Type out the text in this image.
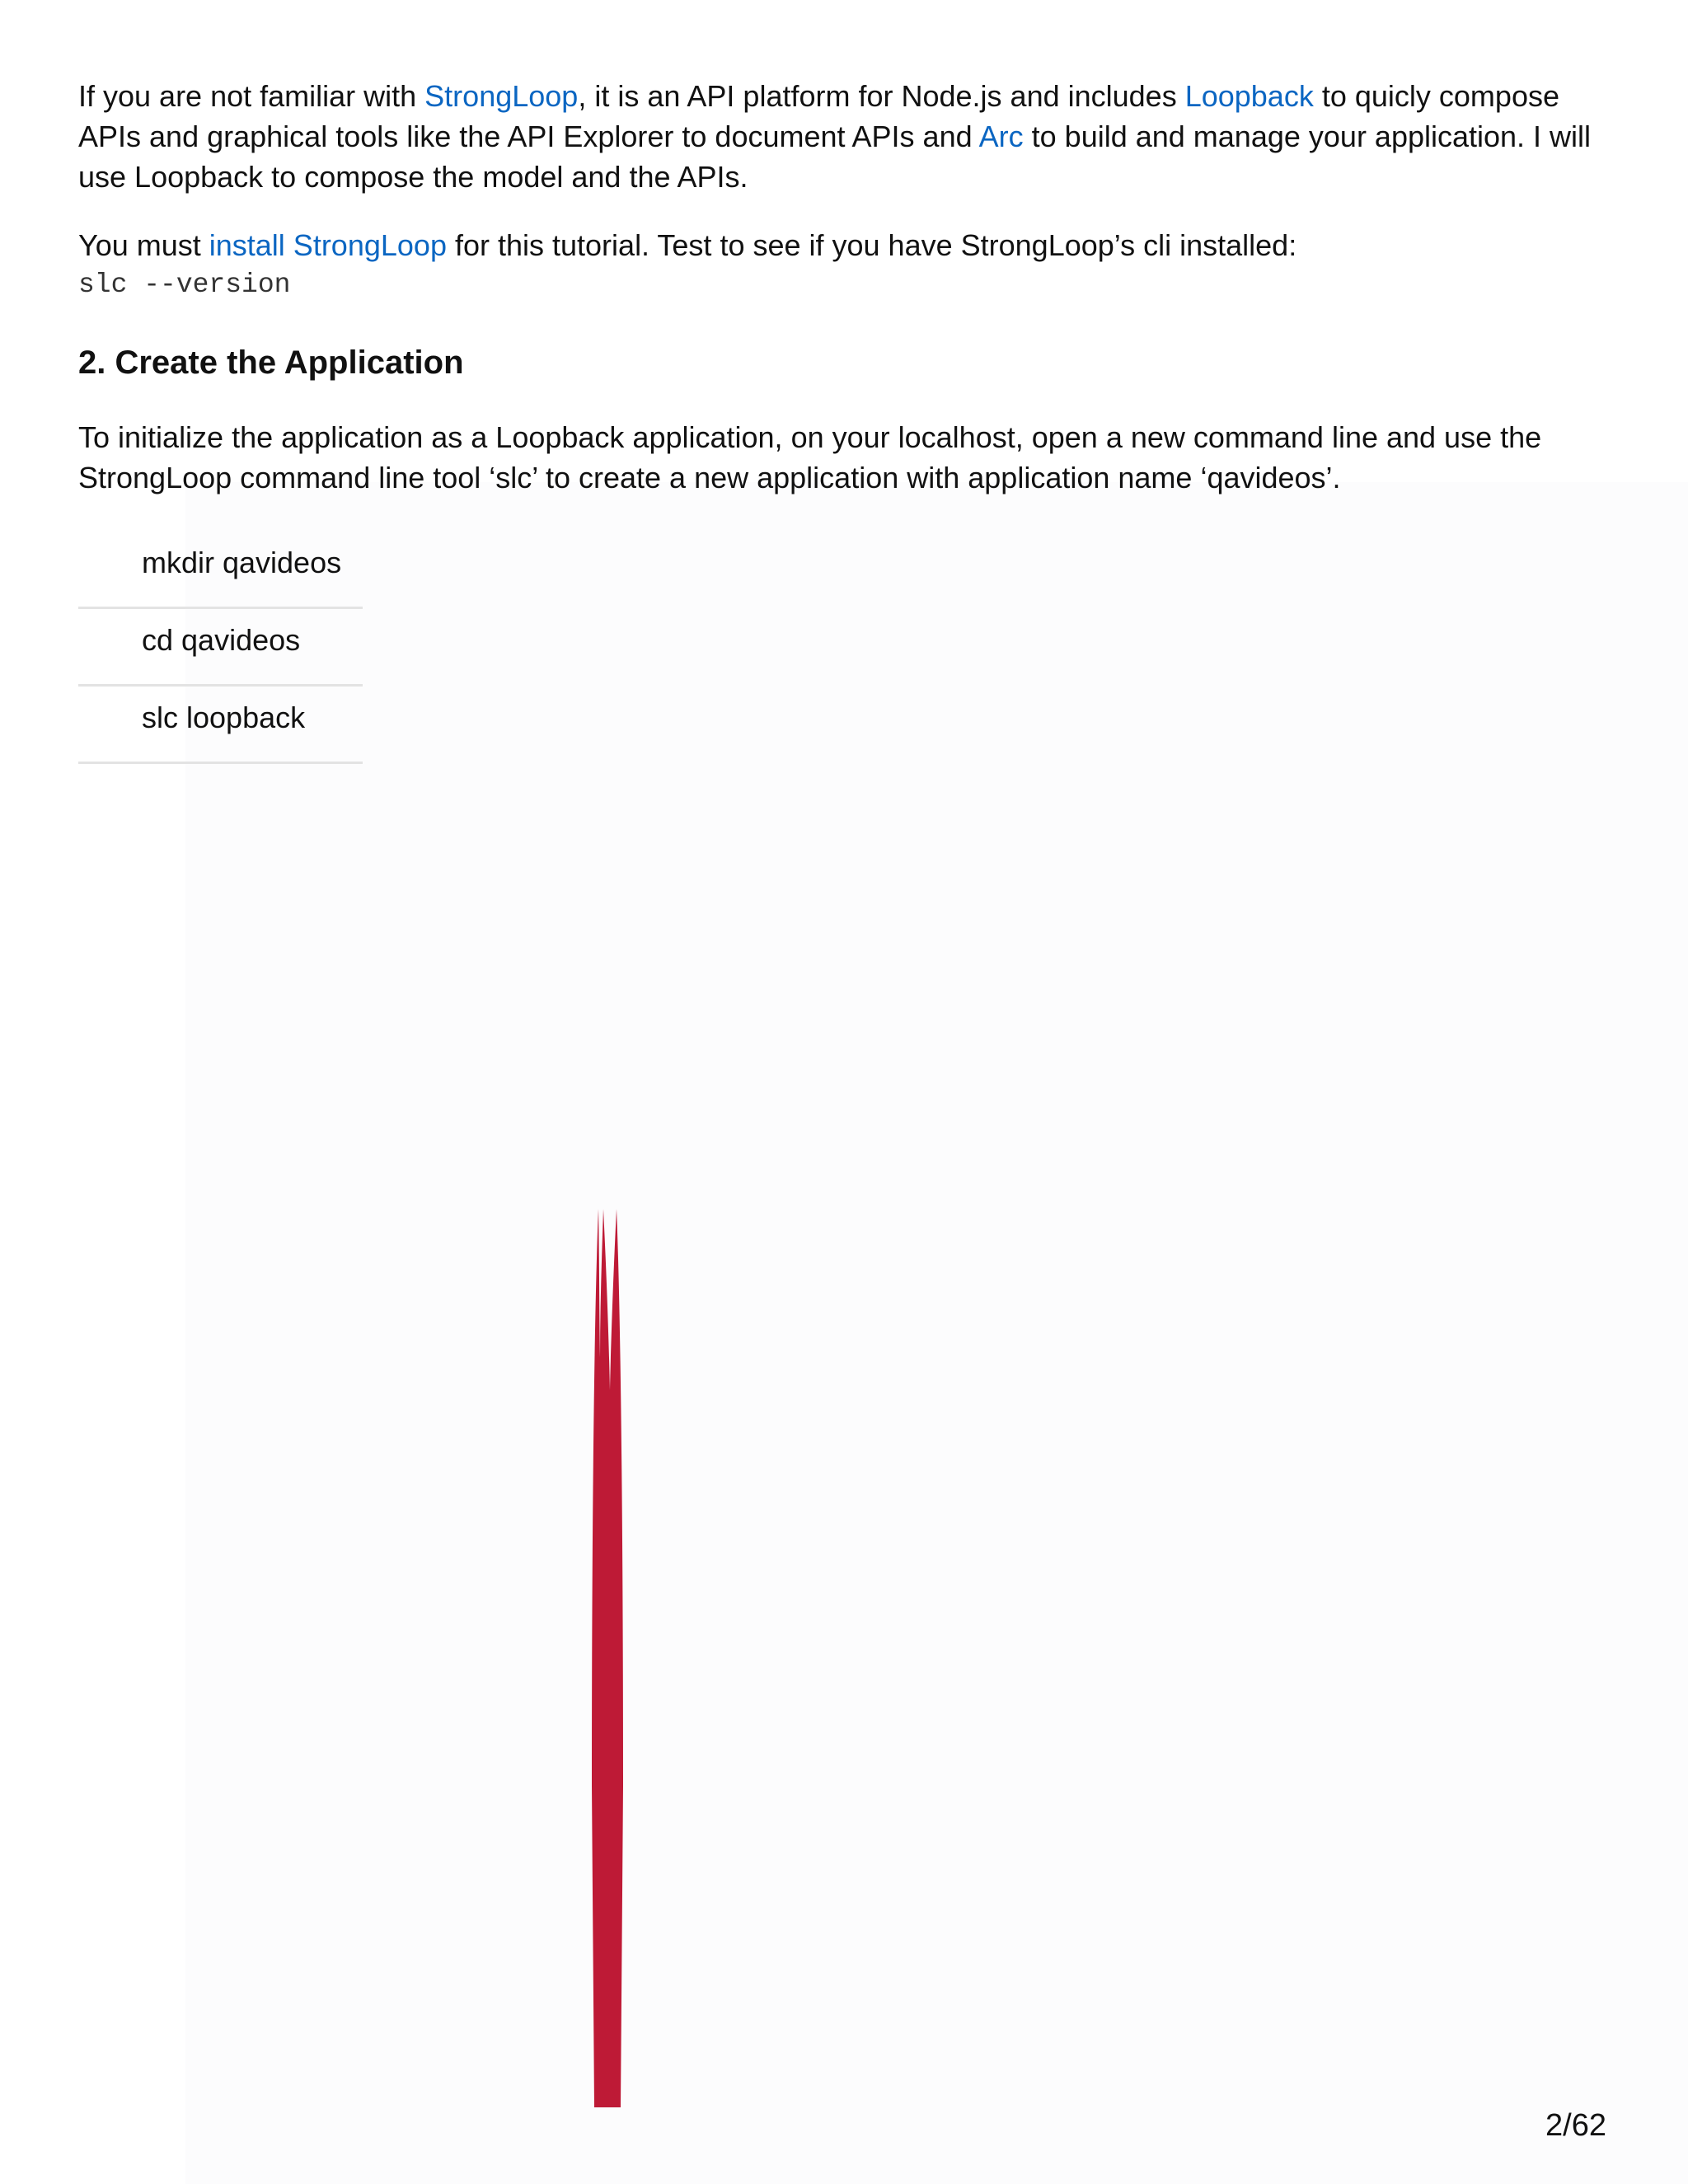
If you are not familiar with StrongLoop, it is an API platform for Node.js and includes Loopback to quicly compose APIs and graphical tools like the API Explorer to document APIs and Arc to build and manage your application. I will use Loopback to compose the model and the APIs.

You must install StrongLoop for this tutorial. Test to see if you have StrongLoop’s cli installed:
slc --version

2. Create the Application

To initialize the application as a Loopback application, on your localhost, open a new command line and use the StrongLoop command line tool ‘slc’ to create a new application with application name ‘qavideos’.

mkdir qavideos
cd qavideos
slc loopback
2/62
